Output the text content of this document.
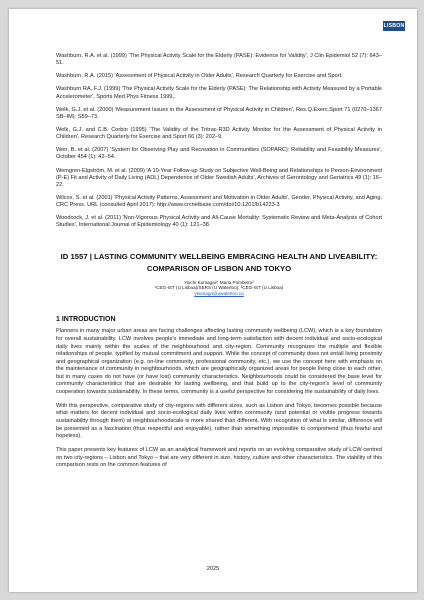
LISBON

Washburn, R.A. et al. (1999) 'The Physical Activity Scale for the Elderly (PASE): Evidence for Validity', J Clin Epidemiol 52 (7): 643–51.

Washburn, R.A. (2015) 'Assessment of Physical Activity in Older Adults', Research Quarterly for Exercise and Sport.

Washburn RA, F.J. (1999) 'The Physical Activity Scale for the Elderly (PASE): The Relationship with Activity Measured by a Portable Accelerometer', Sports Med Phys Fitness 1999,.

Welk, G.J. et al. (2000) 'Measurement Issues in the Assessment of Physical Activity in Children', Res.Q.Exerc.Sport 71 (0270–1367 SB–IM): S59–73.

Welk, G.J. and C.B. Corbin (1995) 'The Validity of the Tritrac-R3D Activity Monitor for the Assessment of Physical Activity in Children', Research Quarterly for Exercise and Sport 66 (3): 202–9.

Wen, B. et al. (2007) 'System for Observing Play and Recreation in Communities (SOPARC): Reliability and Feasibility Measures', October 454 (1): 42–54.

Wemgren-Elgström, M. et al. (2009) 'A 10-Year Follow-up Study on Subjective Well-Being and Relationships to Person-Environment (P-E) Fit and Activity of Daily Living (ADL) Dependence of Older Swedish Adults', Archives of Gerontology and Geriatrics 49 (1): 16–22.

Wilcox, S. et al. (2001) 'Physical Activity Patterns, Assessment and Motivation in Older Adults', Gender, Physical Activity, and Aging. CRC Press. URL (consulted April 2017): http://www.crcnetbase.com/doi/10.1201/b14223-3

Woodcock, J. et al. (2011) 'Non-Vigorous Physical Activity and All-Cause Mortality: Systematic Review and Meta-Analysis of Cohort Studies', International Journal of Epidemiology 40 (1): 121–38.

ID 1557 | LASTING COMMUNITY WELLBEING EMBRACING HEALTH AND LIVEABILITY: COMPARISON OF LISBON AND TOKYO
Yoichi Kumagai¹; Maria Pombeiro²
¹CEG-IST (U Lisboa)/SERS (U Waterloo); ²CEG-IST (U Lisboa)
ykumaga@uwaterloo.ca
1 INTRODUCTION

Planners in many major urban areas are facing challenges affecting lasting community wellbeing (LCW), which is a key foundation for overall sustainability. LCW involves people's immediate and long-term satisfaction with decent individual and socio-ecological daily lives mainly within the scales of the neighbourhood and city-region. Community recognizes the multiple and flexible relationships of people, typified by mutual commitment and support. While the concept of community does not entail living proximity and geographical organization (e.g. on-line community, professional community, etc.), we use the concept here with emphasis on the maintenance of community in neighbourhoods, which are geographically organized areas for people living close to each other, but in many cases do not have (or have lost) community characteristics. Neighbourhoods could be considered the base level for community characteristics that are desirable for lasting wellbeing, and that build up to the city-region's level of community cooperation towards sustainability. In these terms, community is a useful perspective for considering the sustainability of daily lives.

With this perspective, comparative study of city-regions with different sizes, such as Lisbon and Tokyo, becomes possible because what matters for decent individual and socio-ecological daily lives within community (and potential or visible progress towards sustainability through them) at neighbourhoodscale is more shared than different. With recognition of what is similar, difference will be presented as a fascination (thus respectful and enjoyable), rather than something impossible to comprehend (thus fearful and hopeless).

This paper presents key features of LCW as an analytical framework and reports on an evolving comparative study of LCW centred on two city-regions – Lisbon and Tokyo – that are very different in size, history, culture and other characteristics. The viability of this comparison rests on the common features of

2025
